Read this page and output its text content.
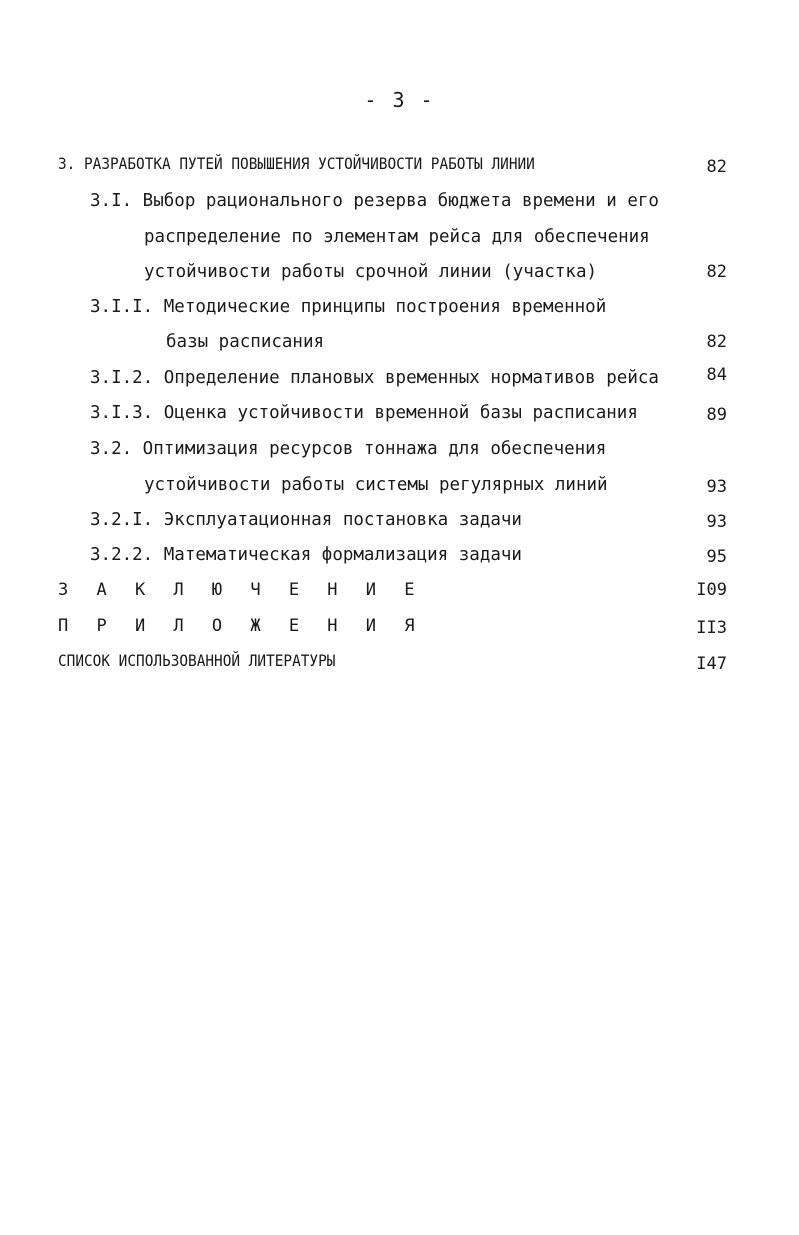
- 3 -
3. РАЗРАБОТКА ПУТЕЙ ПОВЫШЕНИЯ УСТОЙЧИВОСТИ РАБОТЫ ЛИНИИ	82
3.I. Выбор рационального резерва бюджета времени и его
распределение по элементам рейса для обеспечения
устойчивости работы срочной линии (участка)	82
3.I.I. Методические принципы построения временной
базы расписания	82
3.I.2. Определение плановых временных нормативов рейса	84
3.I.3. Оценка устойчивости временной базы расписания	89
3.2. Оптимизация ресурсов тоннажа для обеспечения
устойчивости работы системы регулярных линий	93
3.2.I. Эксплуатационная постановка задачи	93
3.2.2. Математическая формализация задачи	95
З А К Л Ю Ч Е Н И Е	I09
П Р И Л О Ж Е Н И Я	II3
СПИСОК ИСПОЛЬЗОВАННОЙ ЛИТЕРАТУРЫ	I47
